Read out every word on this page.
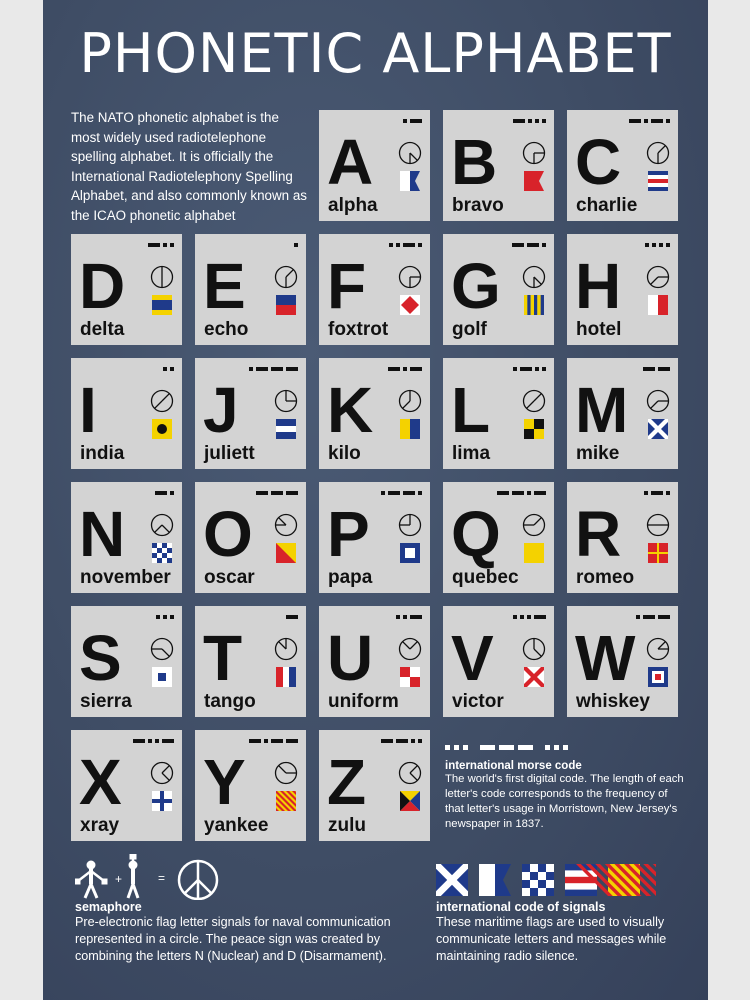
PHONETIC ALPHABET
The NATO phonetic alphabet is the most widely used radiotelephone spelling alphabet. It is officially the International Radiotelephony Spelling Alphabet, and also commonly known as the ICAO phonetic alphabet
A
alpha
B
bravo
C
charlie
D
delta
E
echo
F
foxtrot
G
golf
H
hotel
I
india
J
juliett
K
kilo
L
lima
M
mike
N
november
O
oscar
P
papa
Q
quebec
R
romeo
S
sierra
T
tango
U
uniform
V
victor
W
whiskey
X
xray
Y
yankee
Z
zulu
international morse code
The world's first digital code. The length of each letter's code corresponds to the frequency of that letter's usage in Morristown, New Jersey's newspaper in 1837.
+	=
semaphore
Pre-electronic flag letter signals for naval communication represented in a circle. The peace sign was created by combining the letters N (Nuclear) and D (Disarmament).
international code of signals
These maritime flags are used to visually communicate letters and messages while maintaining radio silence.
